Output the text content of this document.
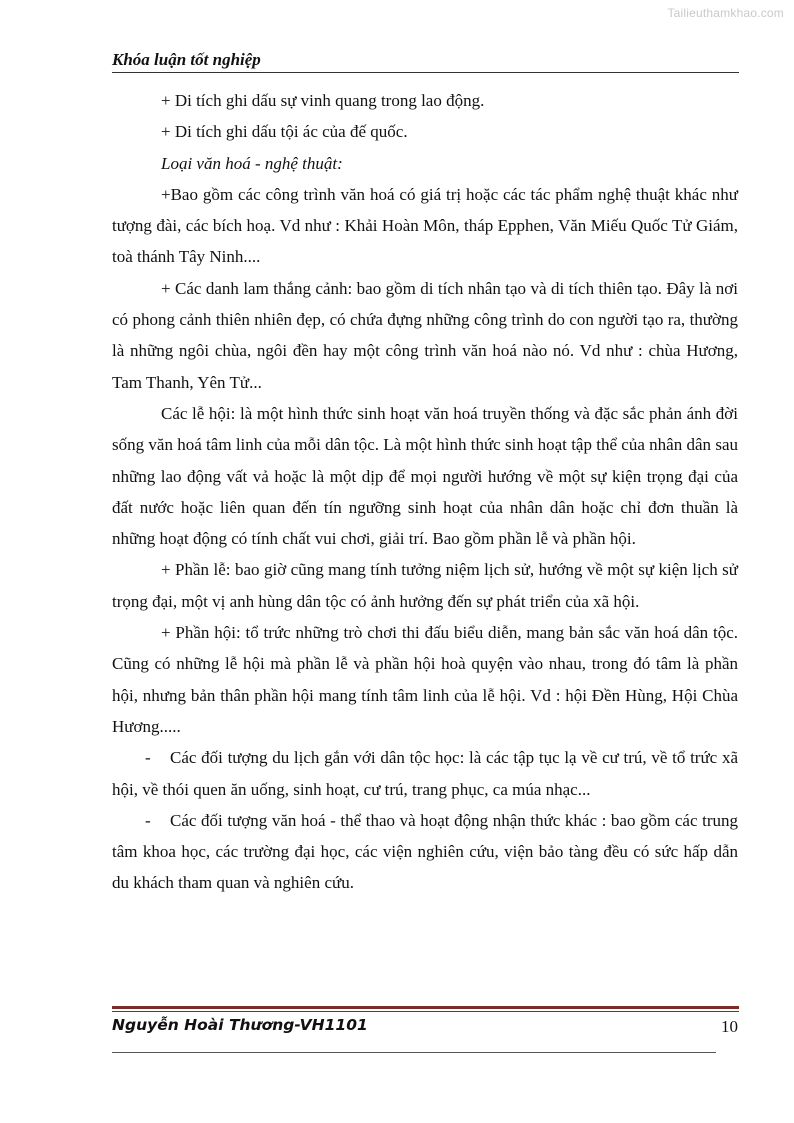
Tailieuthamkhao.com
Khóa luận tốt nghiệp

+ Di tích ghi dấu sự vinh quang trong lao động.

+ Di tích ghi dấu tội ác của đế quốc.

Loại văn hoá - nghệ thuật:

+Bao gồm các công trình văn hoá có giá trị hoặc các tác phẩm nghệ thuật khác như tượng đài, các bích hoạ. Vd như : Khải Hoàn Môn, tháp Epphen, Văn Miếu Quốc Tử Giám, toà thánh Tây Ninh....

+ Các danh lam thắng cảnh: bao gồm di tích nhân tạo và di tích thiên tạo. Đây là nơi có phong cảnh thiên nhiên đẹp, có chứa đựng những công trình do con người tạo ra, thường là những ngôi chùa, ngôi đền hay một công trình văn hoá nào nó. Vd như : chùa Hương, Tam Thanh, Yên Tử...

Các lễ hội: là một hình thức sinh hoạt văn hoá truyền thống và đặc sắc phản ánh đời sống văn hoá tâm linh của mỗi dân tộc. Là một hình thức sinh hoạt tập thể của nhân dân sau những lao động vất vả hoặc là một dịp để mọi người hướng về một sự kiện trọng đại của đất nước hoặc liên quan đến tín ngưỡng sinh hoạt của nhân dân hoặc chỉ đơn thuần là những hoạt động có tính chất vui chơi, giải trí. Bao gồm phần lễ và phần hội.

+ Phần lễ: bao giờ cũng mang tính tưởng niệm lịch sử, hướng về một sự kiện lịch sử trọng đại, một vị anh hùng dân tộc có ảnh hưởng đến sự phát triển của xã hội.

+ Phần hội: tổ trức những trò chơi thi đấu biểu diễn, mang bản sắc văn hoá dân tộc. Cũng có những lễ hội mà phần lễ và phần hội hoà quyện vào nhau, trong đó tâm là phần hội, nhưng bản thân phần hội mang tính tâm linh của lễ hội. Vd : hội Đền Hùng, Hội Chùa Hương.....

- Các đối tượng du lịch gắn với dân tộc học: là các tập tục lạ về cư trú, về tổ trức xã hội, về thói quen ăn uống, sinh hoạt, cư trú, trang phục, ca múa nhạc...

- Các đối tượng văn hoá - thể thao và hoạt động nhận thức khác : bao gồm các trung tâm khoa học, các trường đại học, các viện nghiên cứu, viện bảo tàng đều có sức hấp dẫn du khách tham quan và nghiên cứu.

Nguyễn Hoài Thương-VH1101	10
